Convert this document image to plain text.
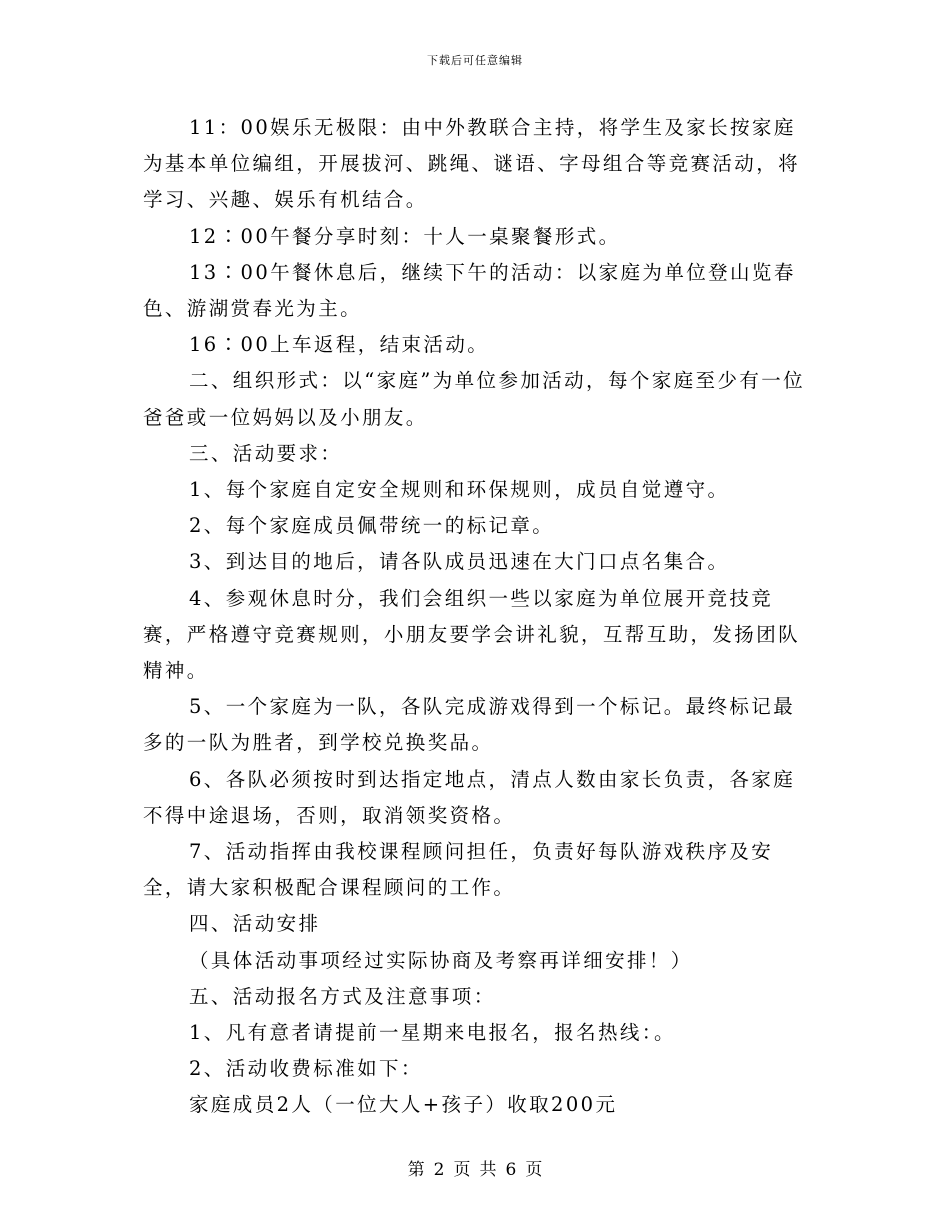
下载后可任意编辑

11：00娱乐无极限：由中外教联合主持，将学生及家长按家庭为基本单位编组，开展拔河、跳绳、谜语、字母组合等竞赛活动，将学习、兴趣、娱乐有机结合。

12∶00午餐分享时刻：十人一桌聚餐形式。

13∶00午餐休息后，继续下午的活动：以家庭为单位登山览春色、游湖赏春光为主。

16∶00上车返程，结束活动。

二、组织形式：以“家庭”为单位参加活动，每个家庭至少有一位爸爸或一位妈妈以及小朋友。

三、活动要求：

1、每个家庭自定安全规则和环保规则，成员自觉遵守。

2、每个家庭成员佩带统一的标记章。

3、到达目的地后，请各队成员迅速在大门口点名集合。

4、参观休息时分，我们会组织一些以家庭为单位展开竞技竞赛，严格遵守竞赛规则，小朋友要学会讲礼貌，互帮互助，发扬团队精神。

5、一个家庭为一队，各队完成游戏得到一个标记。最终标记最多的一队为胜者，到学校兑换奖品。

6、各队必须按时到达指定地点，清点人数由家长负责，各家庭不得中途退场，否则，取消领奖资格。

7、活动指挥由我校课程顾问担任，负责好每队游戏秩序及安全，请大家积极配合课程顾问的工作。

四、活动安排

（具体活动事项经过实际协商及考察再详细安排！）

五、活动报名方式及注意事项：

1、凡有意者请提前一星期来电报名，报名热线：。

2、活动收费标准如下：

家庭成员2人（一位大人+孩子）收取200元

第 2 页 共 6 页
